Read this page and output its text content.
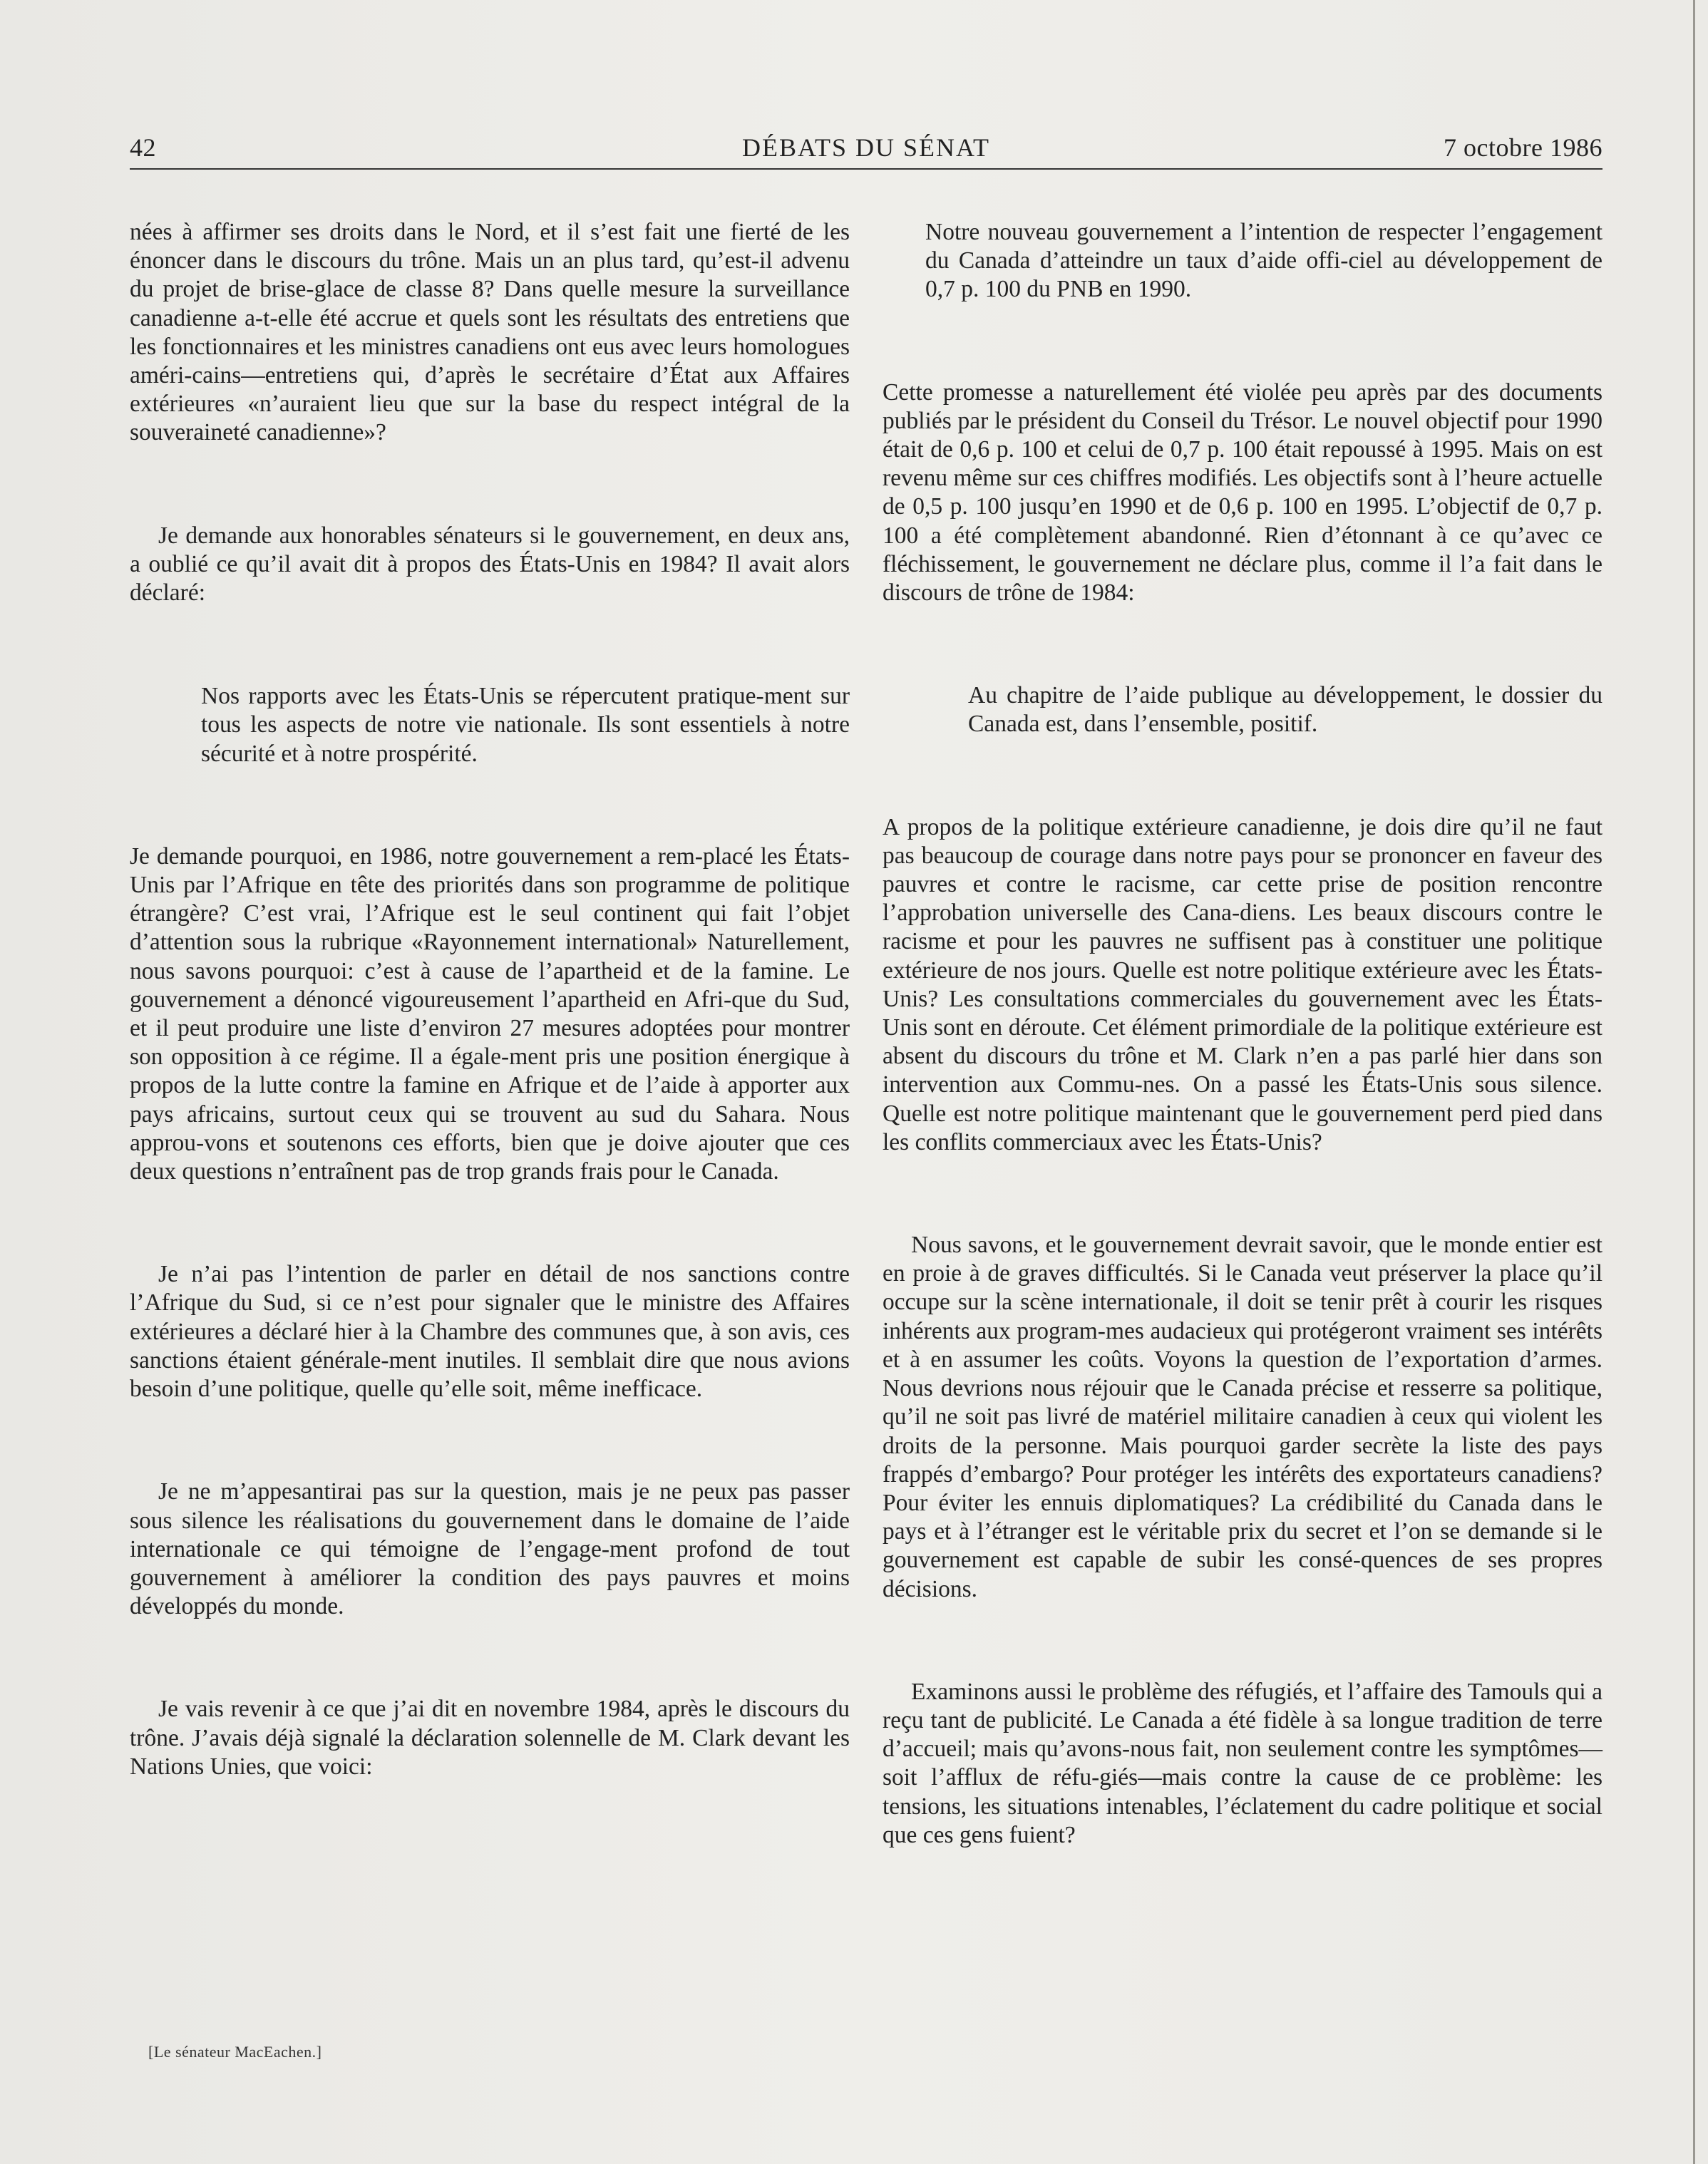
42	DÉBATS DU SÉNAT	7 octobre 1986

nées à affirmer ses droits dans le Nord, et il s’est fait une fierté de les énoncer dans le discours du trône. Mais un an plus tard, qu’est-il advenu du projet de brise-glace de classe 8? Dans quelle mesure la surveillance canadienne a-t-elle été accrue et quels sont les résultats des entretiens que les fonctionnaires et les ministres canadiens ont eus avec leurs homologues améri-cains—entretiens qui, d’après le secrétaire d’État aux Affaires extérieures «n’auraient lieu que sur la base du respect intégral de la souveraineté canadienne»?

Je demande aux honorables sénateurs si le gouvernement, en deux ans, a oublié ce qu’il avait dit à propos des États-Unis en 1984? Il avait alors déclaré:

Nos rapports avec les États-Unis se répercutent pratique-ment sur tous les aspects de notre vie nationale. Ils sont essentiels à notre sécurité et à notre prospérité.

Je demande pourquoi, en 1986, notre gouvernement a rem-placé les États-Unis par l’Afrique en tête des priorités dans son programme de politique étrangère? C’est vrai, l’Afrique est le seul continent qui fait l’objet d’attention sous la rubrique «Rayonnement international» Naturellement, nous savons pourquoi: c’est à cause de l’apartheid et de la famine. Le gouvernement a dénoncé vigoureusement l’apartheid en Afri-que du Sud, et il peut produire une liste d’environ 27 mesures adoptées pour montrer son opposition à ce régime. Il a égale-ment pris une position énergique à propos de la lutte contre la famine en Afrique et de l’aide à apporter aux pays africains, surtout ceux qui se trouvent au sud du Sahara. Nous approu-vons et soutenons ces efforts, bien que je doive ajouter que ces deux questions n’entraînent pas de trop grands frais pour le Canada.

Je n’ai pas l’intention de parler en détail de nos sanctions contre l’Afrique du Sud, si ce n’est pour signaler que le ministre des Affaires extérieures a déclaré hier à la Chambre des communes que, à son avis, ces sanctions étaient générale-ment inutiles. Il semblait dire que nous avions besoin d’une politique, quelle qu’elle soit, même inefficace.

Je ne m’appesantirai pas sur la question, mais je ne peux pas passer sous silence les réalisations du gouvernement dans le domaine de l’aide internationale ce qui témoigne de l’engage-ment profond de tout gouvernement à améliorer la condition des pays pauvres et moins développés du monde.

Je vais revenir à ce que j’ai dit en novembre 1984, après le discours du trône. J’avais déjà signalé la déclaration solennelle de M. Clark devant les Nations Unies, que voici:

Notre nouveau gouvernement a l’intention de respecter l’engagement du Canada d’atteindre un taux d’aide offi-ciel au développement de 0,7 p. 100 du PNB en 1990.

Cette promesse a naturellement été violée peu après par des documents publiés par le président du Conseil du Trésor. Le nouvel objectif pour 1990 était de 0,6 p. 100 et celui de 0,7 p. 100 était repoussé à 1995. Mais on est revenu même sur ces chiffres modifiés. Les objectifs sont à l’heure actuelle de 0,5 p. 100 jusqu’en 1990 et de 0,6 p. 100 en 1995. L’objectif de 0,7 p. 100 a été complètement abandonné. Rien d’étonnant à ce qu’avec ce fléchissement, le gouvernement ne déclare plus, comme il l’a fait dans le discours de trône de 1984:

Au chapitre de l’aide publique au développement, le dossier du Canada est, dans l’ensemble, positif.

A propos de la politique extérieure canadienne, je dois dire qu’il ne faut pas beaucoup de courage dans notre pays pour se prononcer en faveur des pauvres et contre le racisme, car cette prise de position rencontre l’approbation universelle des Cana-diens. Les beaux discours contre le racisme et pour les pauvres ne suffisent pas à constituer une politique extérieure de nos jours. Quelle est notre politique extérieure avec les États-Unis? Les consultations commerciales du gouvernement avec les États-Unis sont en déroute. Cet élément primordiale de la politique extérieure est absent du discours du trône et M. Clark n’en a pas parlé hier dans son intervention aux Commu-nes. On a passé les États-Unis sous silence. Quelle est notre politique maintenant que le gouvernement perd pied dans les conflits commerciaux avec les États-Unis?

Nous savons, et le gouvernement devrait savoir, que le monde entier est en proie à de graves difficultés. Si le Canada veut préserver la place qu’il occupe sur la scène internationale, il doit se tenir prêt à courir les risques inhérents aux program-mes audacieux qui protégeront vraiment ses intérêts et à en assumer les coûts. Voyons la question de l’exportation d’armes. Nous devrions nous réjouir que le Canada précise et resserre sa politique, qu’il ne soit pas livré de matériel militaire canadien à ceux qui violent les droits de la personne. Mais pourquoi garder secrète la liste des pays frappés d’embargo? Pour protéger les intérêts des exportateurs canadiens? Pour éviter les ennuis diplomatiques? La crédibilité du Canada dans le pays et à l’étranger est le véritable prix du secret et l’on se demande si le gouvernement est capable de subir les consé-quences de ses propres décisions.

Examinons aussi le problème des réfugiés, et l’affaire des Tamouls qui a reçu tant de publicité. Le Canada a été fidèle à sa longue tradition de terre d’accueil; mais qu’avons-nous fait, non seulement contre les symptômes—soit l’afflux de réfu-giés—mais contre la cause de ce problème: les tensions, les situations intenables, l’éclatement du cadre politique et social que ces gens fuient?

[Le sénateur MacEachen.]
